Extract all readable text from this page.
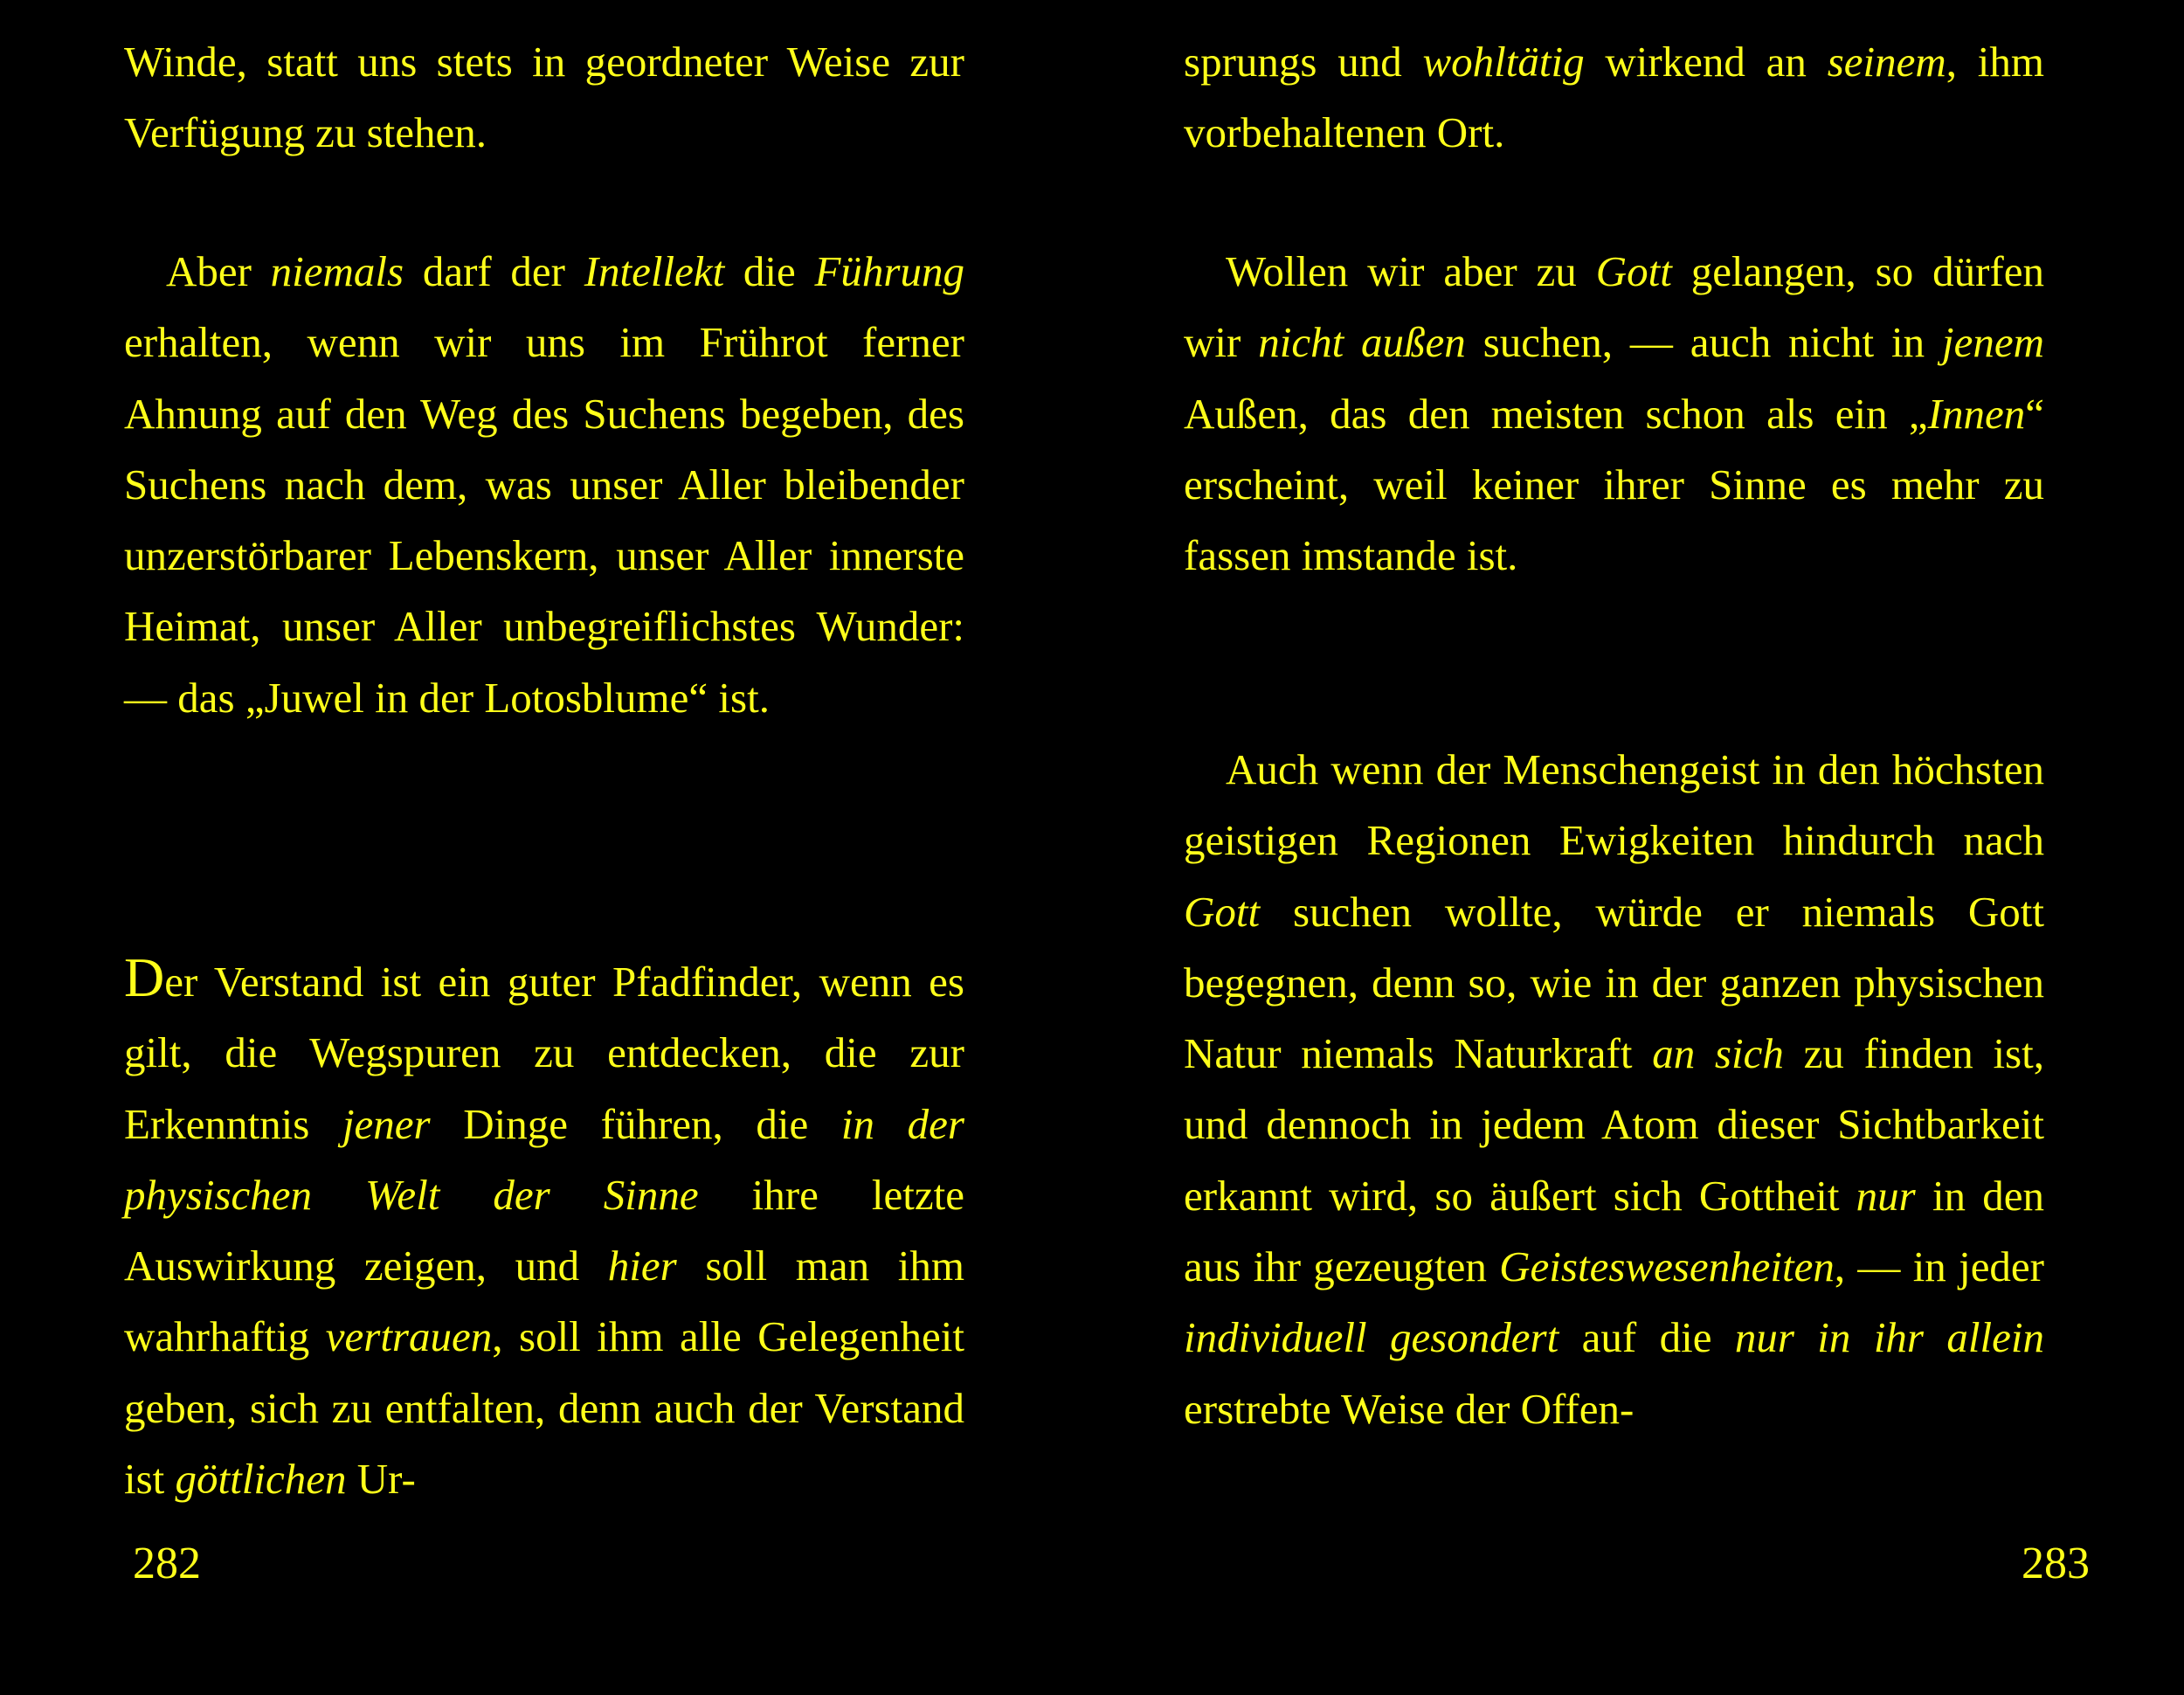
Winde, statt uns stets in geordneter Weise zur Verfügung zu stehen.

Aber niemals darf der Intellekt die Führung erhalten, wenn wir uns im Frührot ferner Ahnung auf den Weg des Suchens begeben, des Suchens nach dem, was unser Aller bleibender unzerstörbarer Lebenskern, unser Aller innerste Heimat, unser Aller unbegreiflichstes Wunder: — das „Juwel in der Lotosblume“ ist.

Der Verstand ist ein guter Pfadfinder, wenn es gilt, die Wegspuren zu entdecken, die zur Erkenntnis jener Dinge führen, die in der physischen Welt der Sinne ihre letzte Auswirkung zeigen, und hier soll man ihm wahrhaftig vertrauen, soll ihm alle Gelegenheit geben, sich zu entfalten, denn auch der Verstand ist göttlichen Ur-

282

sprungs und wohltätig wirkend an seinem, ihm vorbehaltenen Ort.

Wollen wir aber zu Gott gelangen, so dürfen wir nicht außen suchen, — auch nicht in jenem Außen, das den meisten schon als ein „Innen“ erscheint, weil keiner ihrer Sinne es mehr zu fassen imstande ist.

Auch wenn der Menschengeist in den höchsten geistigen Regionen Ewigkeiten hindurch nach Gott suchen wollte, würde er niemals Gott begegnen, denn so, wie in der ganzen physischen Natur niemals Naturkraft an sich zu finden ist, und dennoch in jedem Atom dieser Sichtbarkeit erkannt wird, so äußert sich Gottheit nur in den aus ihr gezeugten Geisteswesenheiten, — in jeder individuell gesondert auf die nur in ihr allein erstrebte Weise der Offen-

283
